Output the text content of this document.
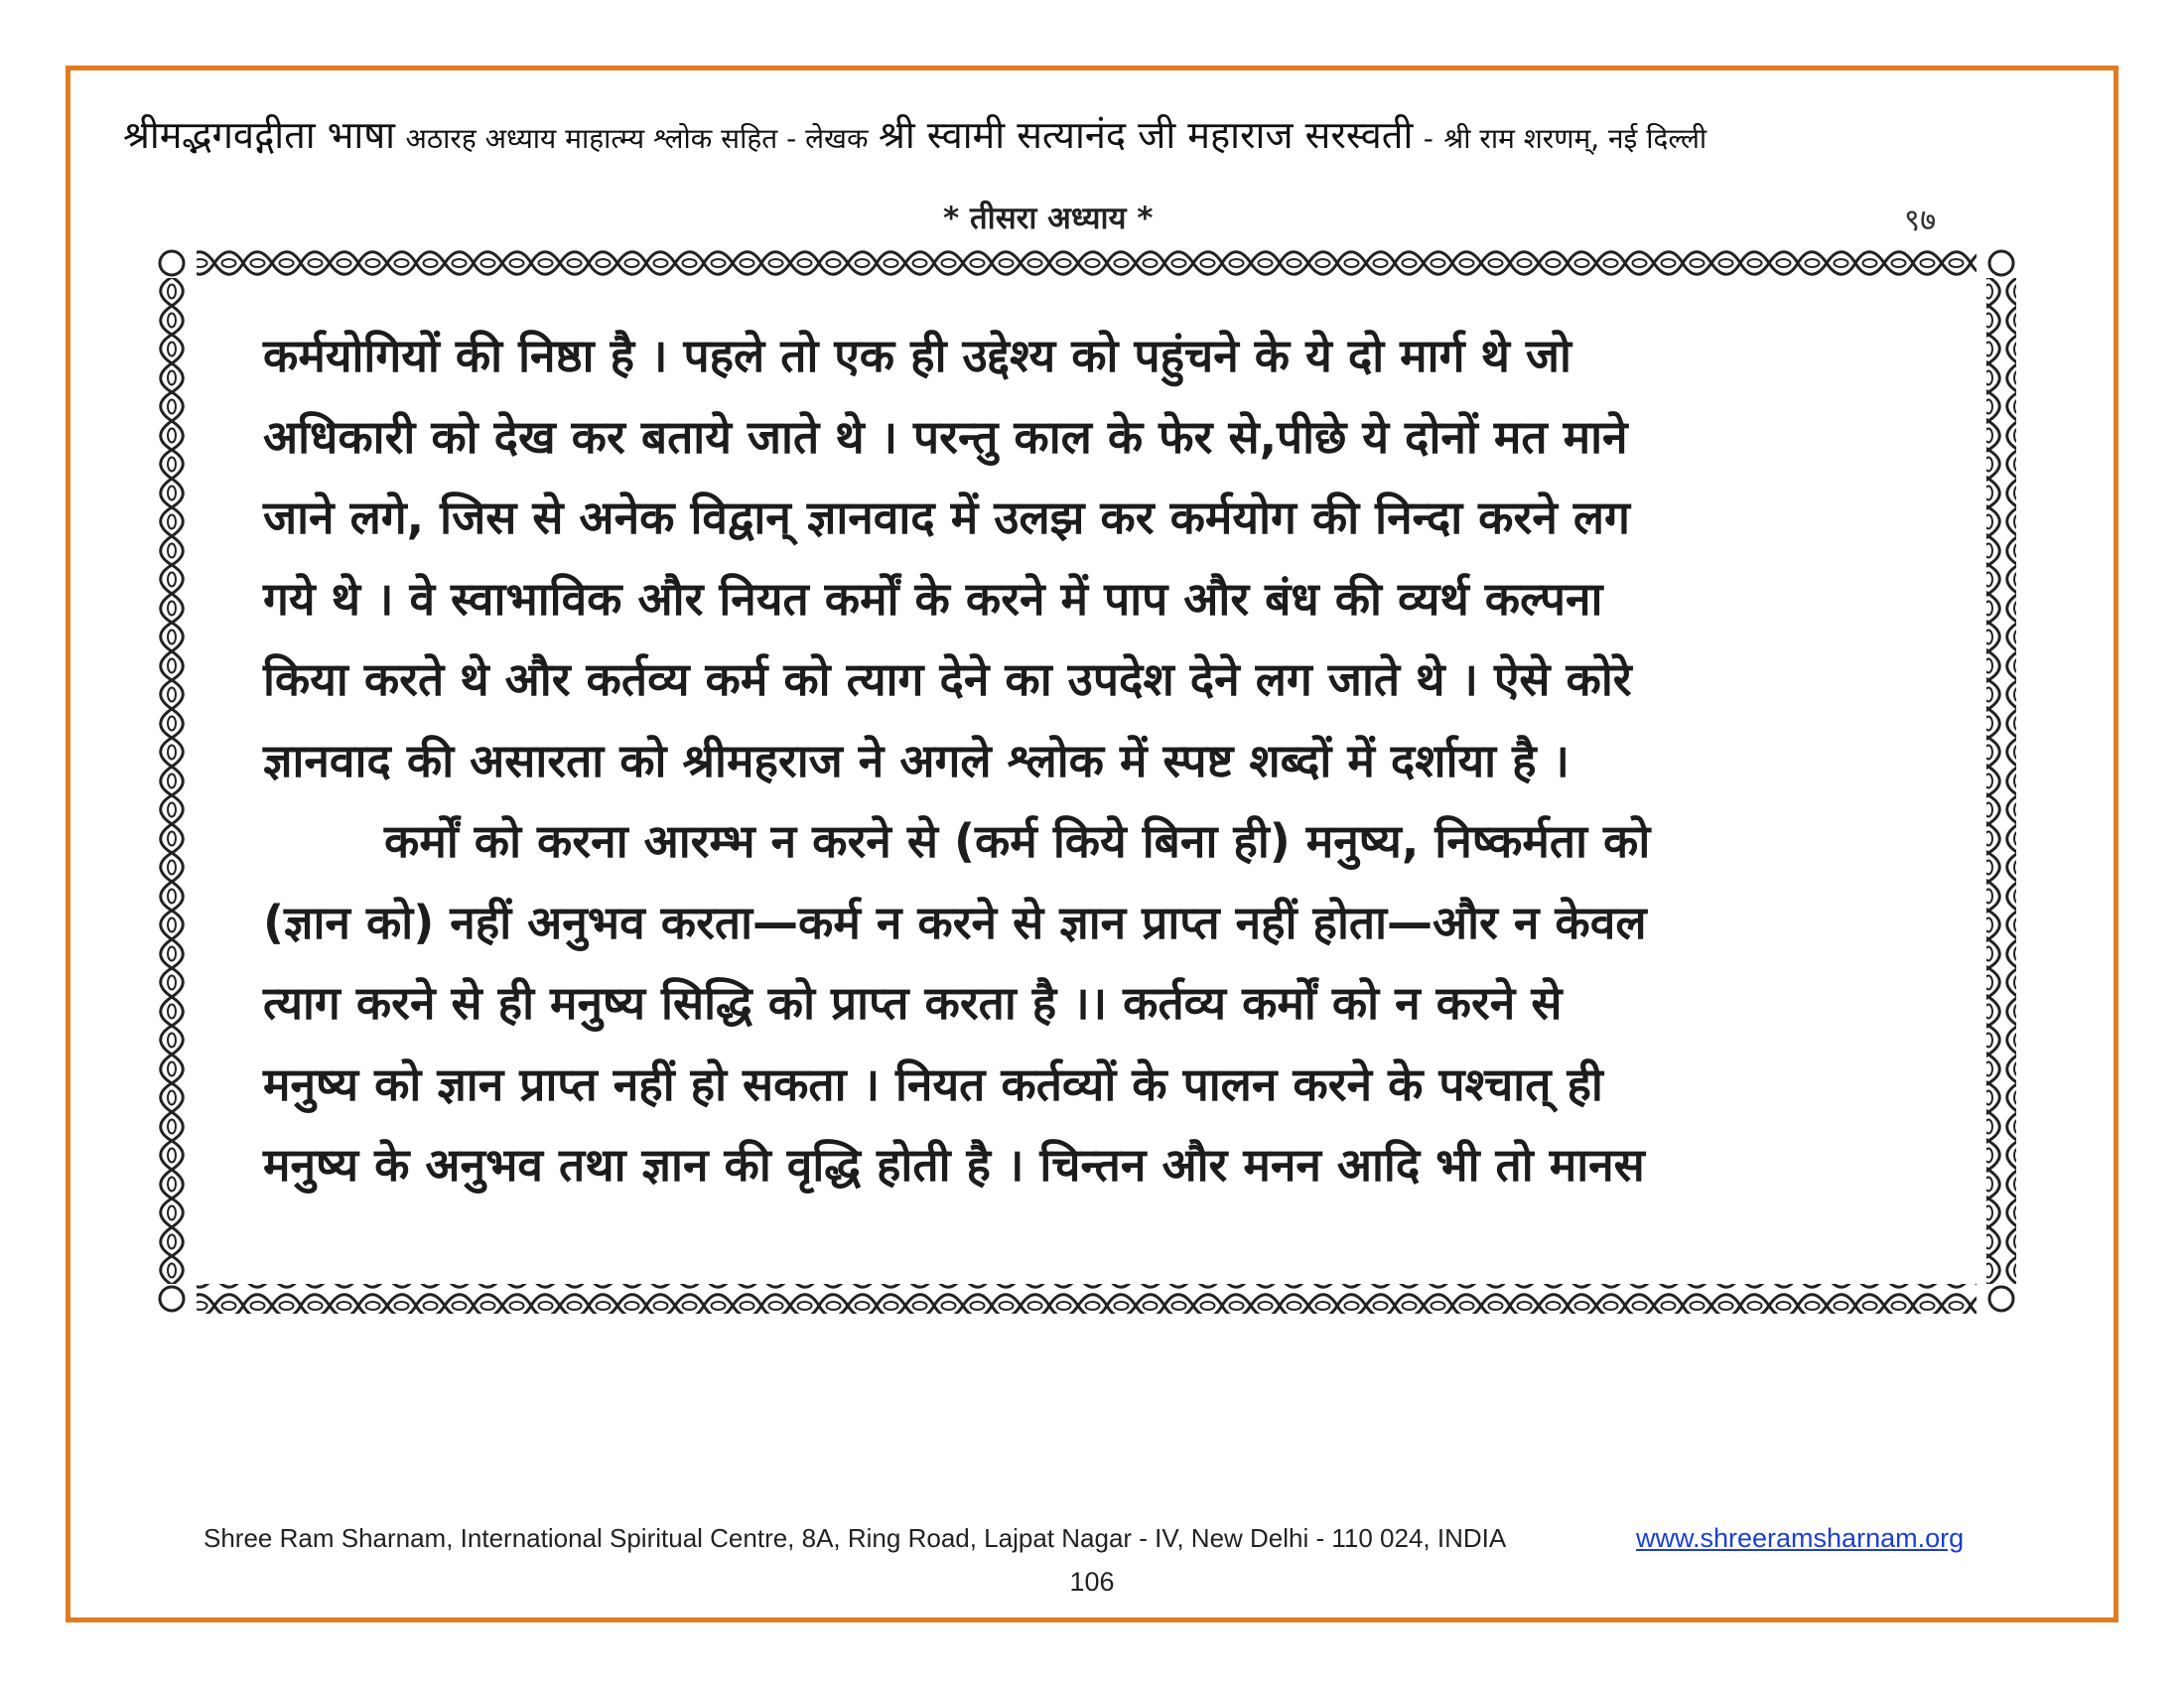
श्रीमद्भगवद्गीता भाषा अठारह अध्याय माहात्म्य श्लोक सहित - लेखक श्री स्वामी सत्यानंद जी महाराज सरस्वती - श्री राम शरणम्, नई दिल्ली
* तीसरा अध्याय *	९७
कर्मयोगियों की निष्ठा है । पहले तो एक ही उद्देश्य को पहुंचने के ये दो मार्ग थे जो
अधिकारी को देख कर बताये जाते थे । परन्तु काल के फेर से,पीछे ये दोनों मत माने
जाने लगे, जिस से अनेक विद्वान् ज्ञानवाद में उलझ कर कर्मयोग की निन्दा करने लग
गये थे । वे स्वाभाविक और नियत कर्मों के करने में पाप और बंध की व्यर्थ कल्पना
किया करते थे और कर्तव्य कर्म को त्याग देने का उपदेश देने लग जाते थे । ऐसे कोरे
ज्ञानवाद की असारता को श्रीमहराज ने अगले श्लोक में स्पष्ट शब्दों में दर्शाया है ।
कर्मों को करना आरम्भ न करने से (कर्म किये बिना ही) मनुष्य, निष्कर्मता को
(ज्ञान को) नहीं अनुभव करता—कर्म न करने से ज्ञान प्राप्त नहीं होता—और न केवल
त्याग करने से ही मनुष्य सिद्धि को प्राप्त करता है ।। कर्तव्य कर्मों को न करने से
मनुष्य को ज्ञान प्राप्त नहीं हो सकता । नियत कर्तव्यों के पालन करने के पश्चात् ही
मनुष्य के अनुभव तथा ज्ञान की वृद्धि होती है । चिन्तन और मनन आदि भी तो मानस
Shree Ram Sharnam, International Spiritual Centre, 8A, Ring Road, Lajpat Nagar - IV, New Delhi - 110 024, INDIA	www.shreeramsharnam.org
106
